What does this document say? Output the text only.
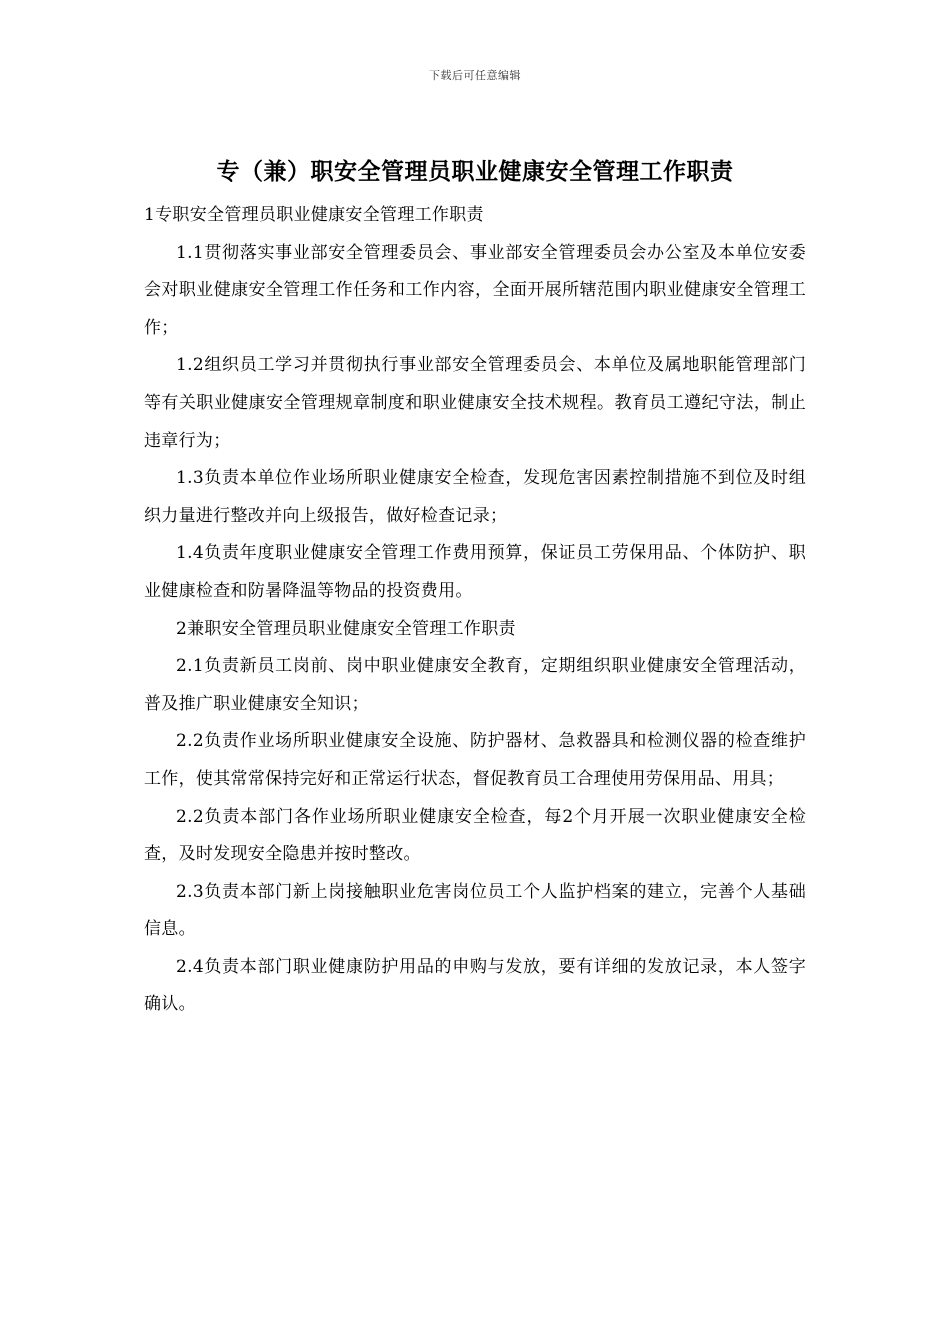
下载后可任意编辑
专（兼）职安全管理员职业健康安全管理工作职责

1专职安全管理员职业健康安全管理工作职责

1.1贯彻落实事业部安全管理委员会、事业部安全管理委员会办公室及本单位安委会对职业健康安全管理工作任务和工作内容，全面开展所辖范围内职业健康安全管理工作；

1.2组织员工学习并贯彻执行事业部安全管理委员会、本单位及属地职能管理部门等有关职业健康安全管理规章制度和职业健康安全技术规程。教育员工遵纪守法，制止违章行为；

1.3负责本单位作业场所职业健康安全检查，发现危害因素控制措施不到位及时组织力量进行整改并向上级报告，做好检查记录；

1.4负责年度职业健康安全管理工作费用预算，保证员工劳保用品、个体防护、职业健康检查和防暑降温等物品的投资费用。

2兼职安全管理员职业健康安全管理工作职责

2.1负责新员工岗前、岗中职业健康安全教育，定期组织职业健康安全管理活动，普及推广职业健康安全知识；

2.2负责作业场所职业健康安全设施、防护器材、急救器具和检测仪器的检查维护工作，使其常常保持完好和正常运行状态，督促教育员工合理使用劳保用品、用具；

2.2负责本部门各作业场所职业健康安全检查，每2个月开展一次职业健康安全检查，及时发现安全隐患并按时整改。

2.3负责本部门新上岗接触职业危害岗位员工个人监护档案的建立，完善个人基础信息。

2.4负责本部门职业健康防护用品的申购与发放，要有详细的发放记录，本人签字确认。
